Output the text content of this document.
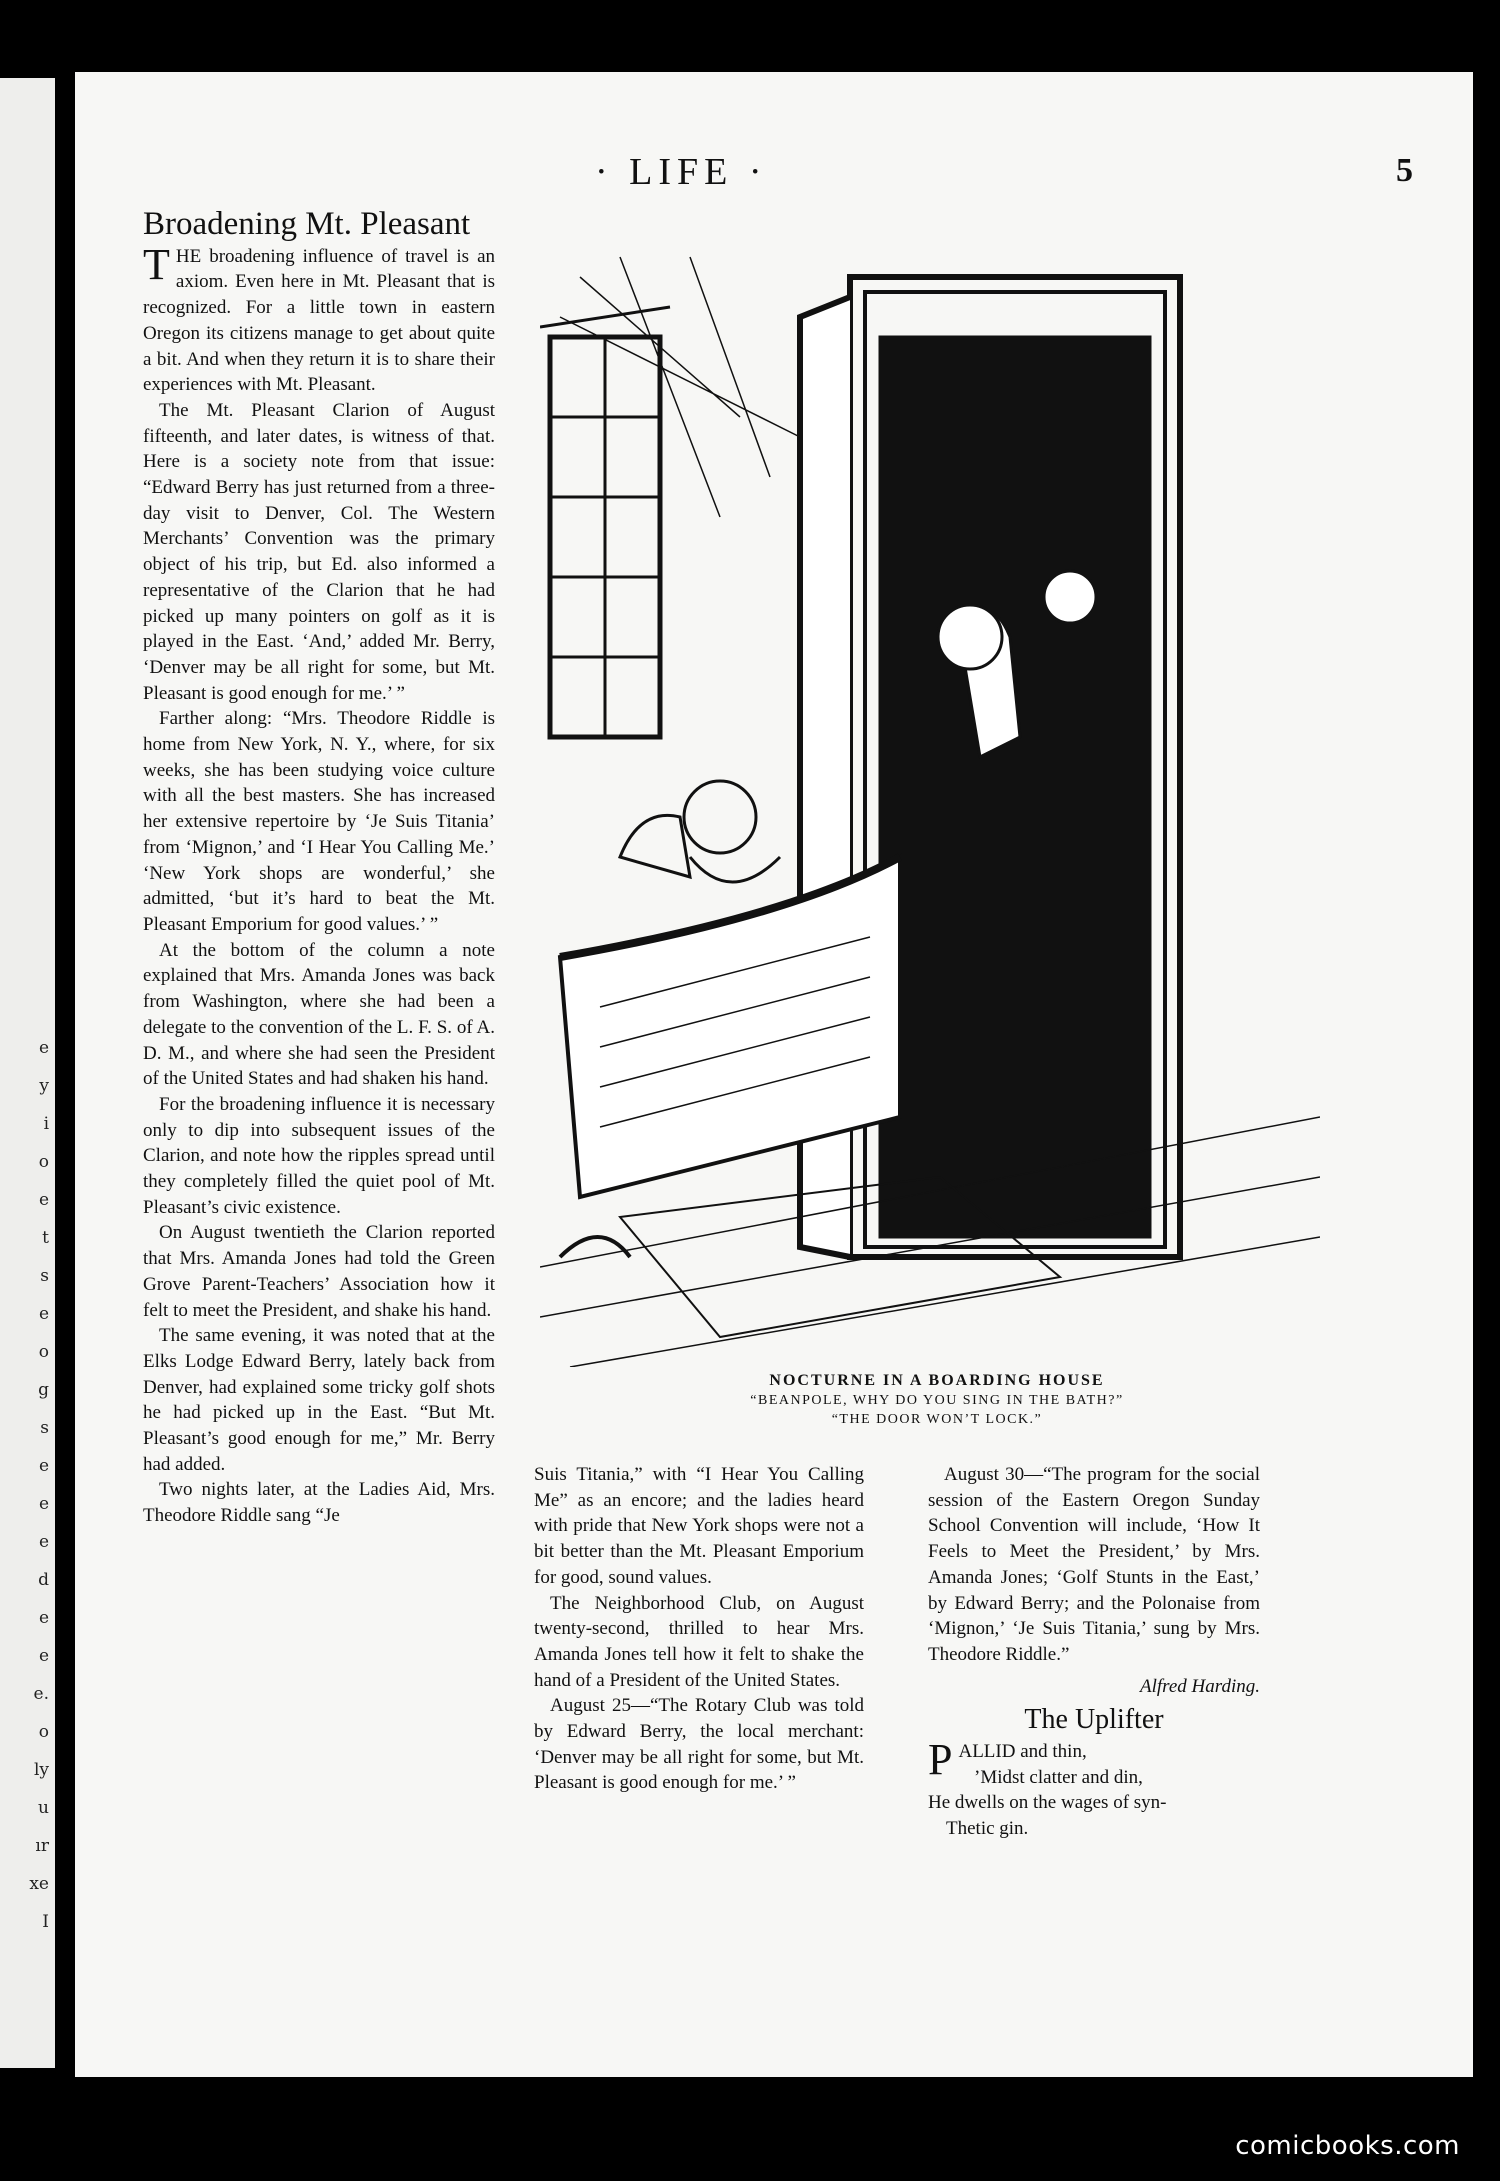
e
y
i
o
e
t
s
e
o
g
s
e
e
e
d
e
e
e.
o
ly
u
ır
xe
I
· LIFE ·	5
Broadening Mt. Pleasant

THE broadening influence of travel is an axiom. Even here in Mt. Pleasant that is recognized. For a little town in eastern Oregon its citizens manage to get about quite a bit. And when they return it is to share their experiences with Mt. Pleasant.

The Mt. Pleasant Clarion of August fifteenth, and later dates, is witness of that. Here is a society note from that issue: “Edward Berry has just returned from a three-day visit to Denver, Col. The Western Merchants’ Convention was the primary object of his trip, but Ed. also informed a representative of the Clarion that he had picked up many pointers on golf as it is played in the East. ‘And,’ added Mr. Berry, ‘Denver may be all right for some, but Mt. Pleasant is good enough for me.’ ”

Farther along: “Mrs. Theodore Riddle is home from New York, N. Y., where, for six weeks, she has been studying voice culture with all the best masters. She has increased her extensive repertoire by ‘Je Suis Titania’ from ‘Mignon,’ and ‘I Hear You Calling Me.’ ‘New York shops are wonderful,’ she admitted, ‘but it’s hard to beat the Mt. Pleasant Emporium for good values.’ ”

At the bottom of the column a note explained that Mrs. Amanda Jones was back from Washington, where she had been a delegate to the convention of the L. F. S. of A. D. M., and where she had seen the President of the United States and had shaken his hand.

For the broadening influence it is necessary only to dip into subsequent issues of the Clarion, and note how the ripples spread until they completely filled the quiet pool of Mt. Pleasant’s civic existence.

On August twentieth the Clarion reported that Mrs. Amanda Jones had told the Green Grove Parent-Teachers’ Association how it felt to meet the President, and shake his hand.

The same evening, it was noted that at the Elks Lodge Edward Berry, lately back from Denver, had explained some tricky golf shots he had picked up in the East. “But Mt. Pleasant’s good enough for me,” Mr. Berry had added.

Two nights later, at the Ladies Aid, Mrs. Theodore Riddle sang “Je

NOCTURNE IN A BOARDING HOUSE
“BEANPOLE, WHY DO YOU SING IN THE BATH?”
“THE DOOR WON’T LOCK.”

Suis Titania,” with “I Hear You Calling Me” as an encore; and the ladies heard with pride that New York shops were not a bit better than the Mt. Pleasant Emporium for good, sound values.

The Neighborhood Club, on August twenty-second, thrilled to hear Mrs. Amanda Jones tell how it felt to shake the hand of a President of the United States.

August 25—“The Rotary Club was told by Edward Berry, the local merchant: ‘Denver may be all right for some, but Mt. Pleasant is good enough for me.’ ”

August 30—“The program for the social session of the Eastern Oregon Sunday School Convention will include, ‘How It Feels to Meet the President,’ by Mrs. Amanda Jones; ‘Golf Stunts in the East,’ by Edward Berry; and the Polonaise from ‘Mignon,’ ‘Je Suis Titania,’ sung by Mrs. Theodore Riddle.”

Alfred Harding.
The Uplifter

PALLID and thin,

’Midst clatter and din,

He dwells on the wages of syn-

Thetic gin.

comicbooks.com
